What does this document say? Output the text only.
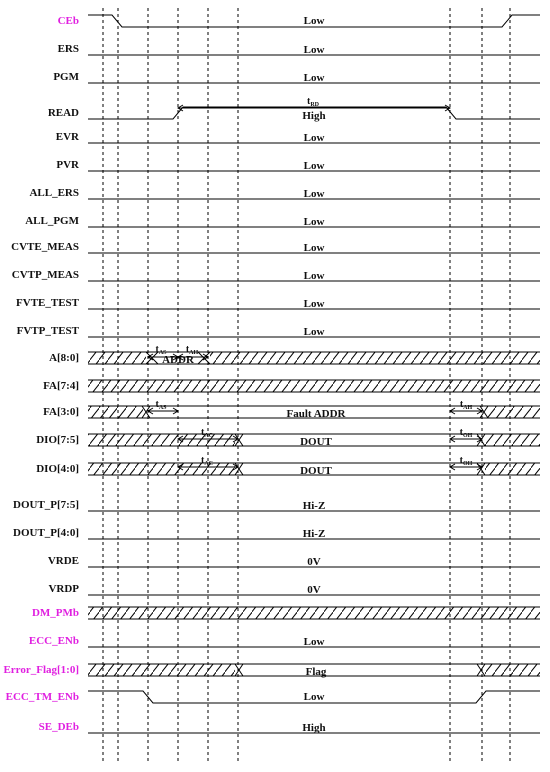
CEb
ERS
PGM
READ
EVR
PVR
ALL_ERS
ALL_PGM
CVTE_MEAS
CVTP_MEAS
FVTE_TEST
FVTP_TEST
A[8:0]
FA[7:4]
FA[3:0]
DIO[7:5]
DIO[4:0]
DOUT_P[7:5]
DOUT_P[4:0]
VRDE
VRDP
DM_PMb
ECC_ENb
Error_Flag[1:0]
ECC_TM_ENb
SE_DEb
Low
Low
Low
High
Low
Low
Low
Low
Low
Low
Low
Low
ADDR
Fault ADDR
DOUT
DOUT
Hi-Z
Hi-Z
0V
0V
Low
Flag
Low
High
$t_{RD}$
$t_{AS}$ $t_{AH}$
$t_{AS}$	$t_{AH}$
$t_{AC}$	$t_{OH}$
$t_{AC}$	$t_{OH}$
